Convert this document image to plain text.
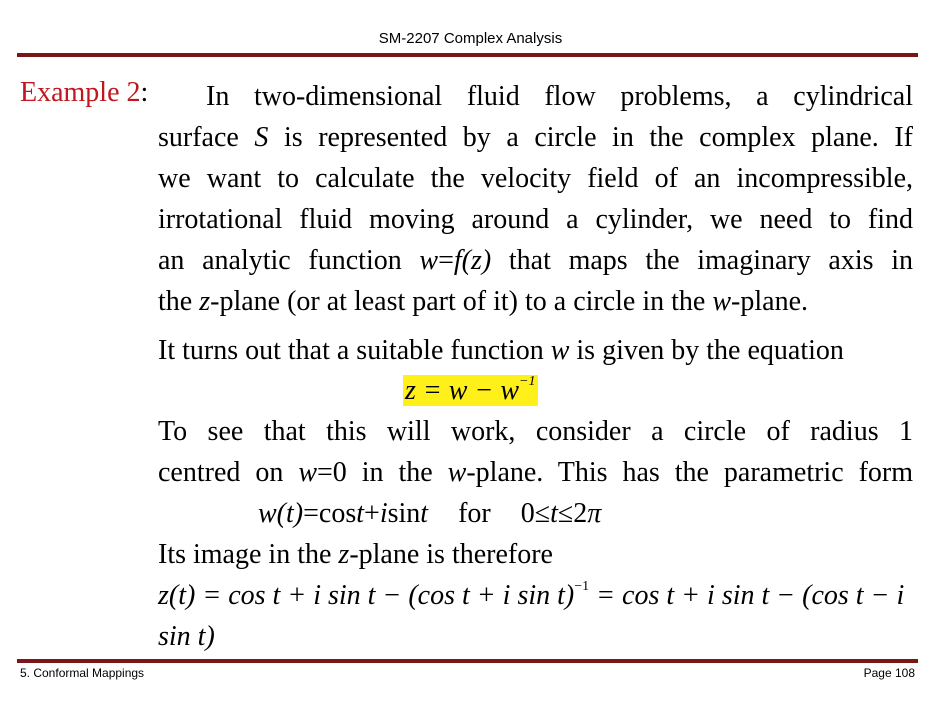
SM-2207 Complex Analysis
Example 2:	In two-dimensional fluid flow problems, a cylindrical
surface S is represented by a circle in the complex plane. If
we want to calculate the velocity field of an incompressible,
irrotational fluid moving around a cylinder, we need to find
an analytic function w=f(z) that maps the imaginary axis in
the z-plane (or at least part of it) to a circle in the w-plane.
It turns out that a suitable function w is given by the equation
$z = w - w^{-1}$
To see that this will work, consider a circle of radius 1
centred on w=0 in the w-plane. This has the parametric form
w(t)=cost+isint for 0≤t≤2π
Its image in the z-plane is therefore
z(t) = cos t + i sin t − (cos t + i sin t)$^{-1}$ = cos t + i sin t − (cos t − i sin t)
5. Conformal Mappings	Page 108
